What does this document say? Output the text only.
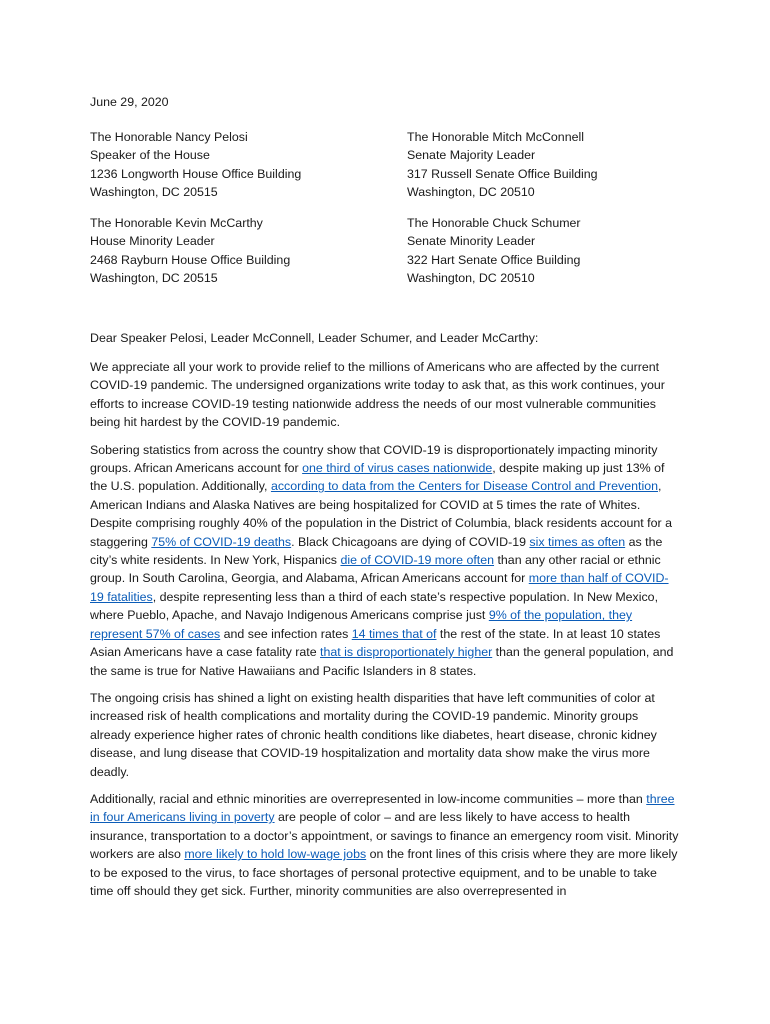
June 29, 2020
The Honorable Nancy Pelosi
Speaker of the House
1236 Longworth House Office Building
Washington, DC 20515
The Honorable Mitch McConnell
Senate Majority Leader
317 Russell Senate Office Building
Washington, DC 20510
The Honorable Kevin McCarthy
House Minority Leader
2468 Rayburn House Office Building
Washington, DC 20515
The Honorable Chuck Schumer
Senate Minority Leader
322 Hart Senate Office Building
Washington, DC 20510
Dear Speaker Pelosi, Leader McConnell, Leader Schumer, and Leader McCarthy:

We appreciate all your work to provide relief to the millions of Americans who are affected by the current COVID-19 pandemic. The undersigned organizations write today to ask that, as this work continues, your efforts to increase COVID-19 testing nationwide address the needs of our most vulnerable communities being hit hardest by the COVID-19 pandemic.

Sobering statistics from across the country show that COVID-19 is disproportionately impacting minority groups. African Americans account for one third of virus cases nationwide, despite making up just 13% of the U.S. population. Additionally, according to data from the Centers for Disease Control and Prevention, American Indians and Alaska Natives are being hospitalized for COVID at 5 times the rate of Whites. Despite comprising roughly 40% of the population in the District of Columbia, black residents account for a staggering 75% of COVID-19 deaths. Black Chicagoans are dying of COVID-19 six times as often as the city’s white residents. In New York, Hispanics die of COVID-19 more often than any other racial or ethnic group. In South Carolina, Georgia, and Alabama, African Americans account for more than half of COVID-19 fatalities, despite representing less than a third of each state’s respective population. In New Mexico, where Pueblo, Apache, and Navajo Indigenous Americans comprise just 9% of the population, they represent 57% of cases and see infection rates 14 times that of the rest of the state. In at least 10 states Asian Americans have a case fatality rate that is disproportionately higher than the general population, and the same is true for Native Hawaiians and Pacific Islanders in 8 states.

The ongoing crisis has shined a light on existing health disparities that have left communities of color at increased risk of health complications and mortality during the COVID-19 pandemic. Minority groups already experience higher rates of chronic health conditions like diabetes, heart disease, chronic kidney disease, and lung disease that COVID-19 hospitalization and mortality data show make the virus more deadly.

Additionally, racial and ethnic minorities are overrepresented in low-income communities – more than three in four Americans living in poverty are people of color – and are less likely to have access to health insurance, transportation to a doctor’s appointment, or savings to finance an emergency room visit. Minority workers are also more likely to hold low-wage jobs on the front lines of this crisis where they are more likely to be exposed to the virus, to face shortages of personal protective equipment, and to be unable to take time off should they get sick. Further, minority communities are also overrepresented in
